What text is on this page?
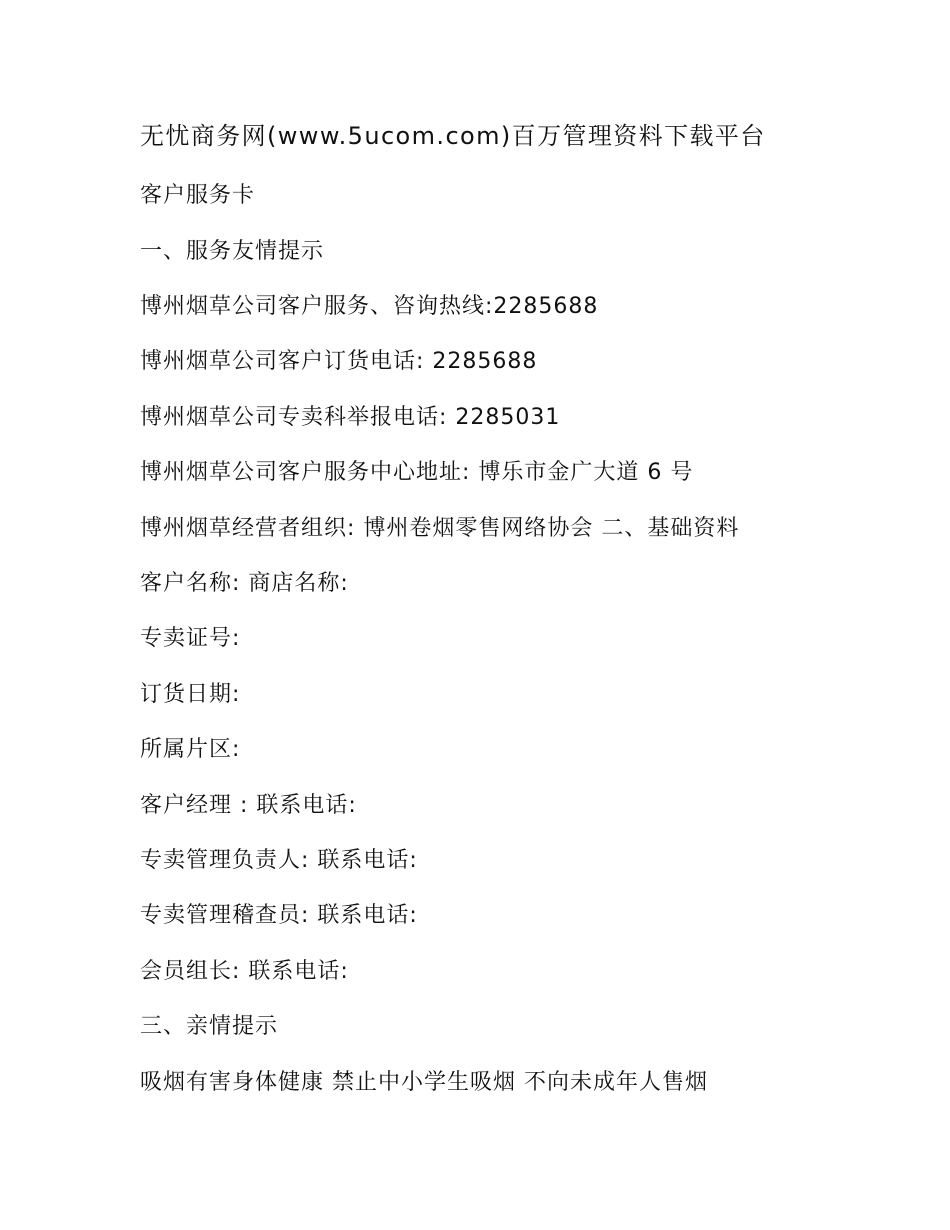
无忧商务网(www.5ucom.com)百万管理资料下载平台
客户服务卡
一、服务友情提示
博州烟草公司客户服务、咨询热线:2285688
博州烟草公司客户订货电话: 2285688
博州烟草公司专卖科举报电话: 2285031
博州烟草公司客户服务中心地址: 博乐市金广大道 6 号
博州烟草经营者组织: 博州卷烟零售网络协会 二、基础资料
客户名称: 商店名称:
专卖证号:
订货日期:
所属片区:
客户经理 : 联系电话:
专卖管理负责人: 联系电话:
专卖管理稽查员: 联系电话:
会员组长: 联系电话:
三、亲情提示
吸烟有害身体健康 禁止中小学生吸烟 不向未成年人售烟
